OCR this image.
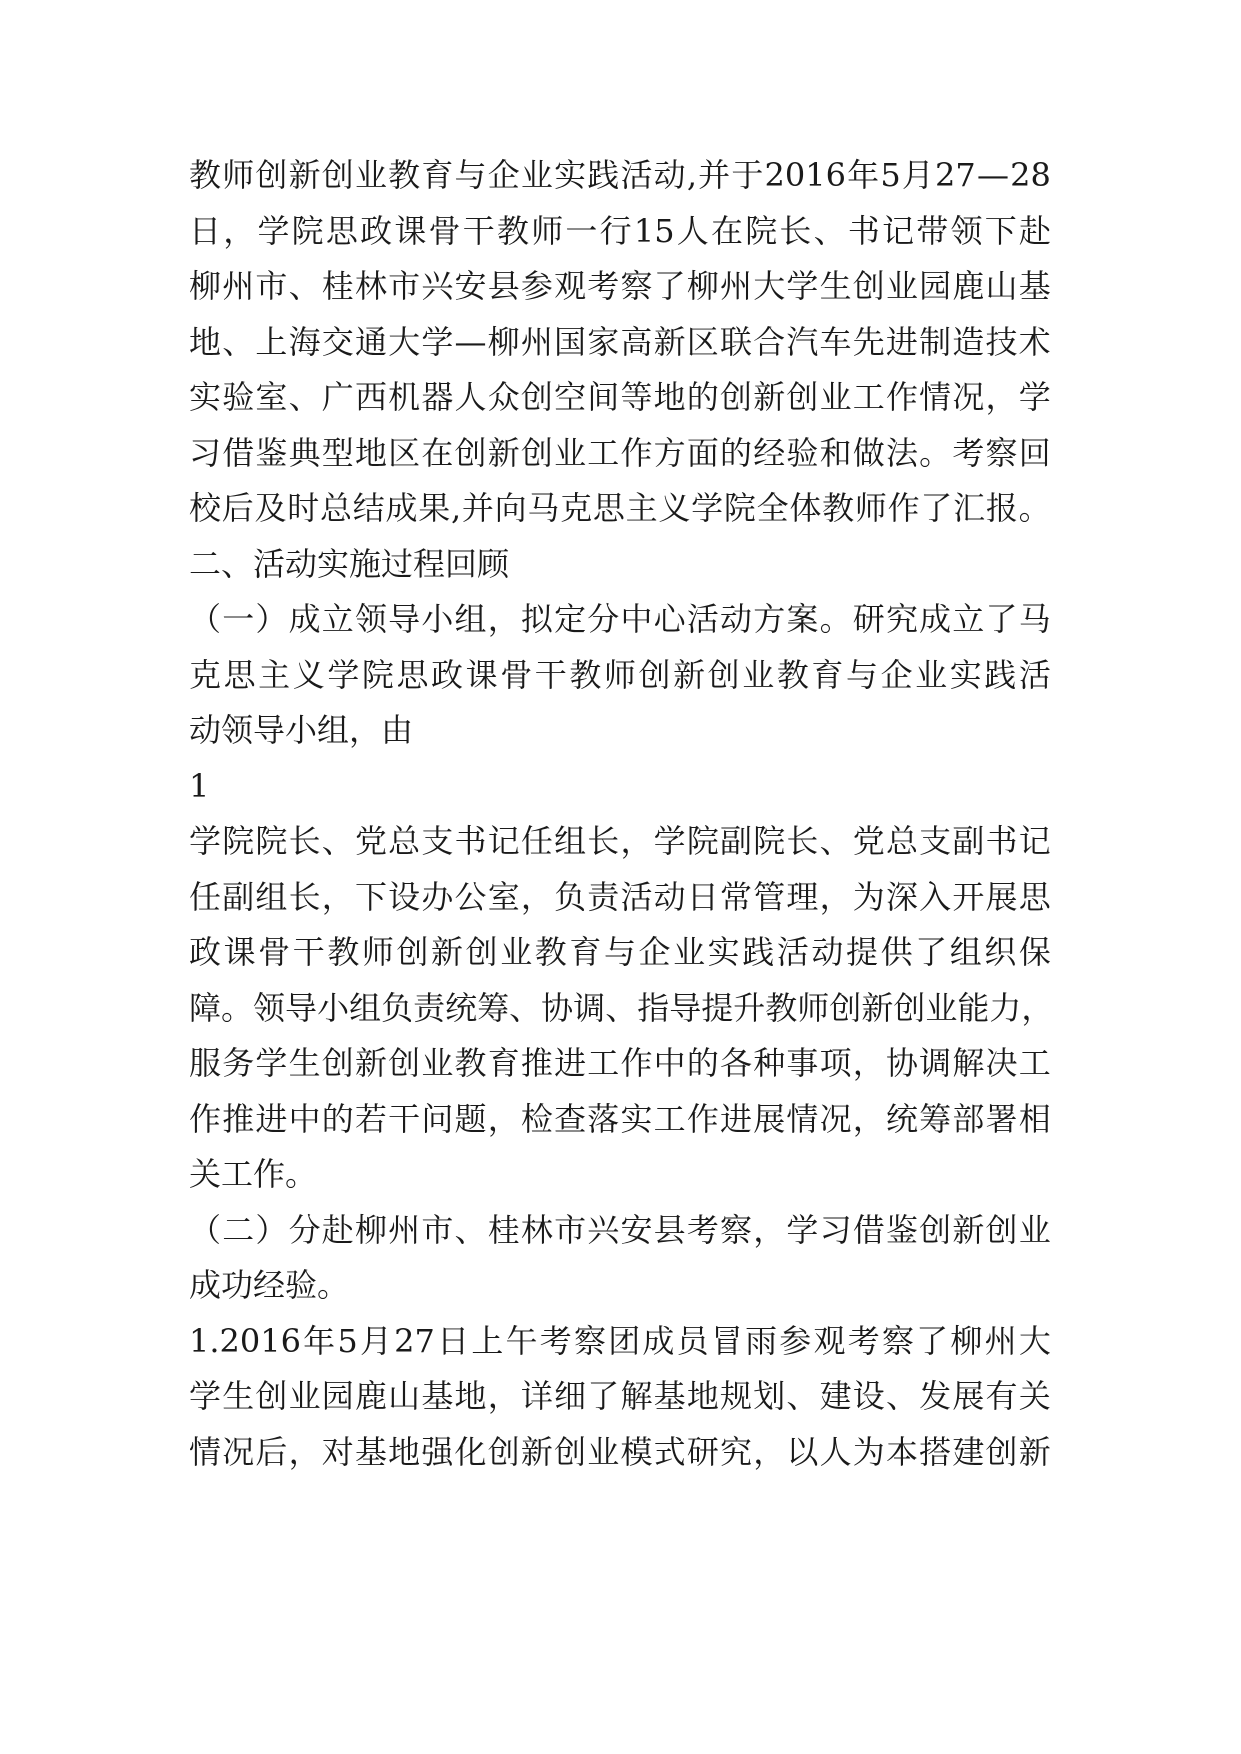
教 师 创 新 创 业 教 育 与 企 业 实 践 活 动 , 并 于 2016 年 5 月 27 — 28
日 ， 学 院 思 政 课 骨 干 教 师 一 行 15 人 在 院 长 、 书 记 带 领 下 赴
柳 州 市 、 桂 林 市 兴 安 县 参 观 考 察 了 柳 州 大 学 生 创 业 园 鹿 山 基
地 、 上 海 交 通 大 学 — 柳 州 国 家 高 新 区 联 合 汽 车 先 进 制 造 技 术
实 验 室 、 广 西 机 器 人 众 创 空 间 等 地 的 创 新 创 业 工 作 情 况 ， 学
习 借 鉴 典 型 地 区 在 创 新 创 业 工 作 方 面 的 经 验 和 做 法 。 考 察 回
校 后 及 时 总 结 成 果 , 并 向 马 克 思 主 义 学 院 全 体 教 师 作 了 汇 报 。
二、活动实施过程回顾
（ 一 ） 成 立 领 导 小 组 ， 拟 定 分 中 心 活 动 方 案 。 研 究 成 立 了 马
克 思 主 义 学 院 思 政 课 骨 干 教 师 创 新 创 业 教 育 与 企 业 实 践 活
动领导小组，由
1
学 院 院 长 、 党 总 支 书 记 任 组 长 ， 学 院 副 院 长 、 党 总 支 副 书 记
任 副 组 长 ， 下 设 办 公 室 ， 负 责 活 动 日 常 管 理 ， 为 深 入 开 展 思
政 课 骨 干 教 师 创 新 创 业 教 育 与 企 业 实 践 活 动 提 供 了 组 织 保
障 。 领 导 小 组 负 责 统 筹 、 协 调 、 指 导 提 升 教 师 创 新 创 业 能 力 ，
服 务 学 生 创 新 创 业 教 育 推 进 工 作 中 的 各 种 事 项 ， 协 调 解 决 工
作 推 进 中 的 若 干 问 题 ， 检 查 落 实 工 作 进 展 情 况 ， 统 筹 部 署 相
关工作。
（ 二 ） 分 赴 柳 州 市 、 桂 林 市 兴 安 县 考 察 ， 学 习 借 鉴 创 新 创 业
成功经验。
1.2016 年 5 月 27 日 上 午 考 察 团 成 员 冒 雨 参 观 考 察 了 柳 州 大
学 生 创 业 园 鹿 山 基 地 ， 详 细 了 解 基 地 规 划 、 建 设 、 发 展 有 关
情 况 后 ， 对 基 地 强 化 创 新 创 业 模 式 研 究 ， 以 人 为 本 搭 建 创 新
